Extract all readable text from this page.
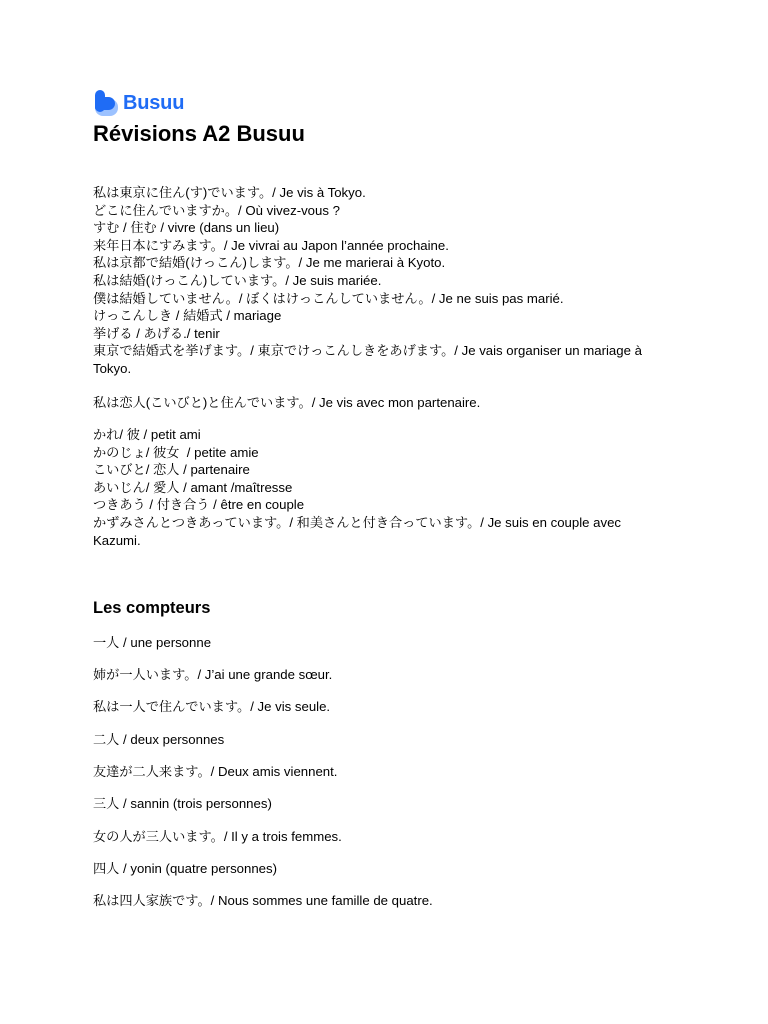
Busuu
Révisions A2 Busuu
私は東京に住ん(す)でいます。/ Je vis à Tokyo.
どこに住んでいますか。/ Où vivez-vous ?
すむ / 住む / vivre (dans un lieu)
来年日本にすみます。/ Je vivrai au Japon l’année prochaine.
私は京都で結婚(けっこん)します。/ Je me marierai à Kyoto.
私は結婚(けっこん)しています。/ Je suis mariée.
僕は結婚していません。/ ぼくはけっこんしていません。/ Je ne suis pas marié.
けっこんしき / 結婚式 / mariage
挙げる / あげる./ tenir
東京で結婚式を挙げます。/ 東京でけっこんしきをあげます。/ Je vais organiser un mariage à
Tokyo.
私は恋人(こいびと)と住んでいます。/ Je vis avec mon partenaire.
かれ/ 彼 / petit ami
かのじょ/ 彼女  / petite amie
こいびと/ 恋人 / partenaire
あいじん/ 愛人 / amant /maîtresse
つきあう / 付き合う / être en couple
かずみさんとつきあっています。/ 和美さんと付き合っています。/ Je suis en couple avec
Kazumi.
Les compteurs
一人 / une personne
姉が一人います。/ J’ai une grande sœur.
私は一人で住んでいます。/ Je vis seule.
二人 / deux personnes
友達が二人来ます。/ Deux amis viennent.
三人 / sannin (trois personnes)
女の人が三人います。/ Il y a trois femmes.
四人 / yonin (quatre personnes)
私は四人家族です。/ Nous sommes une famille de quatre.
